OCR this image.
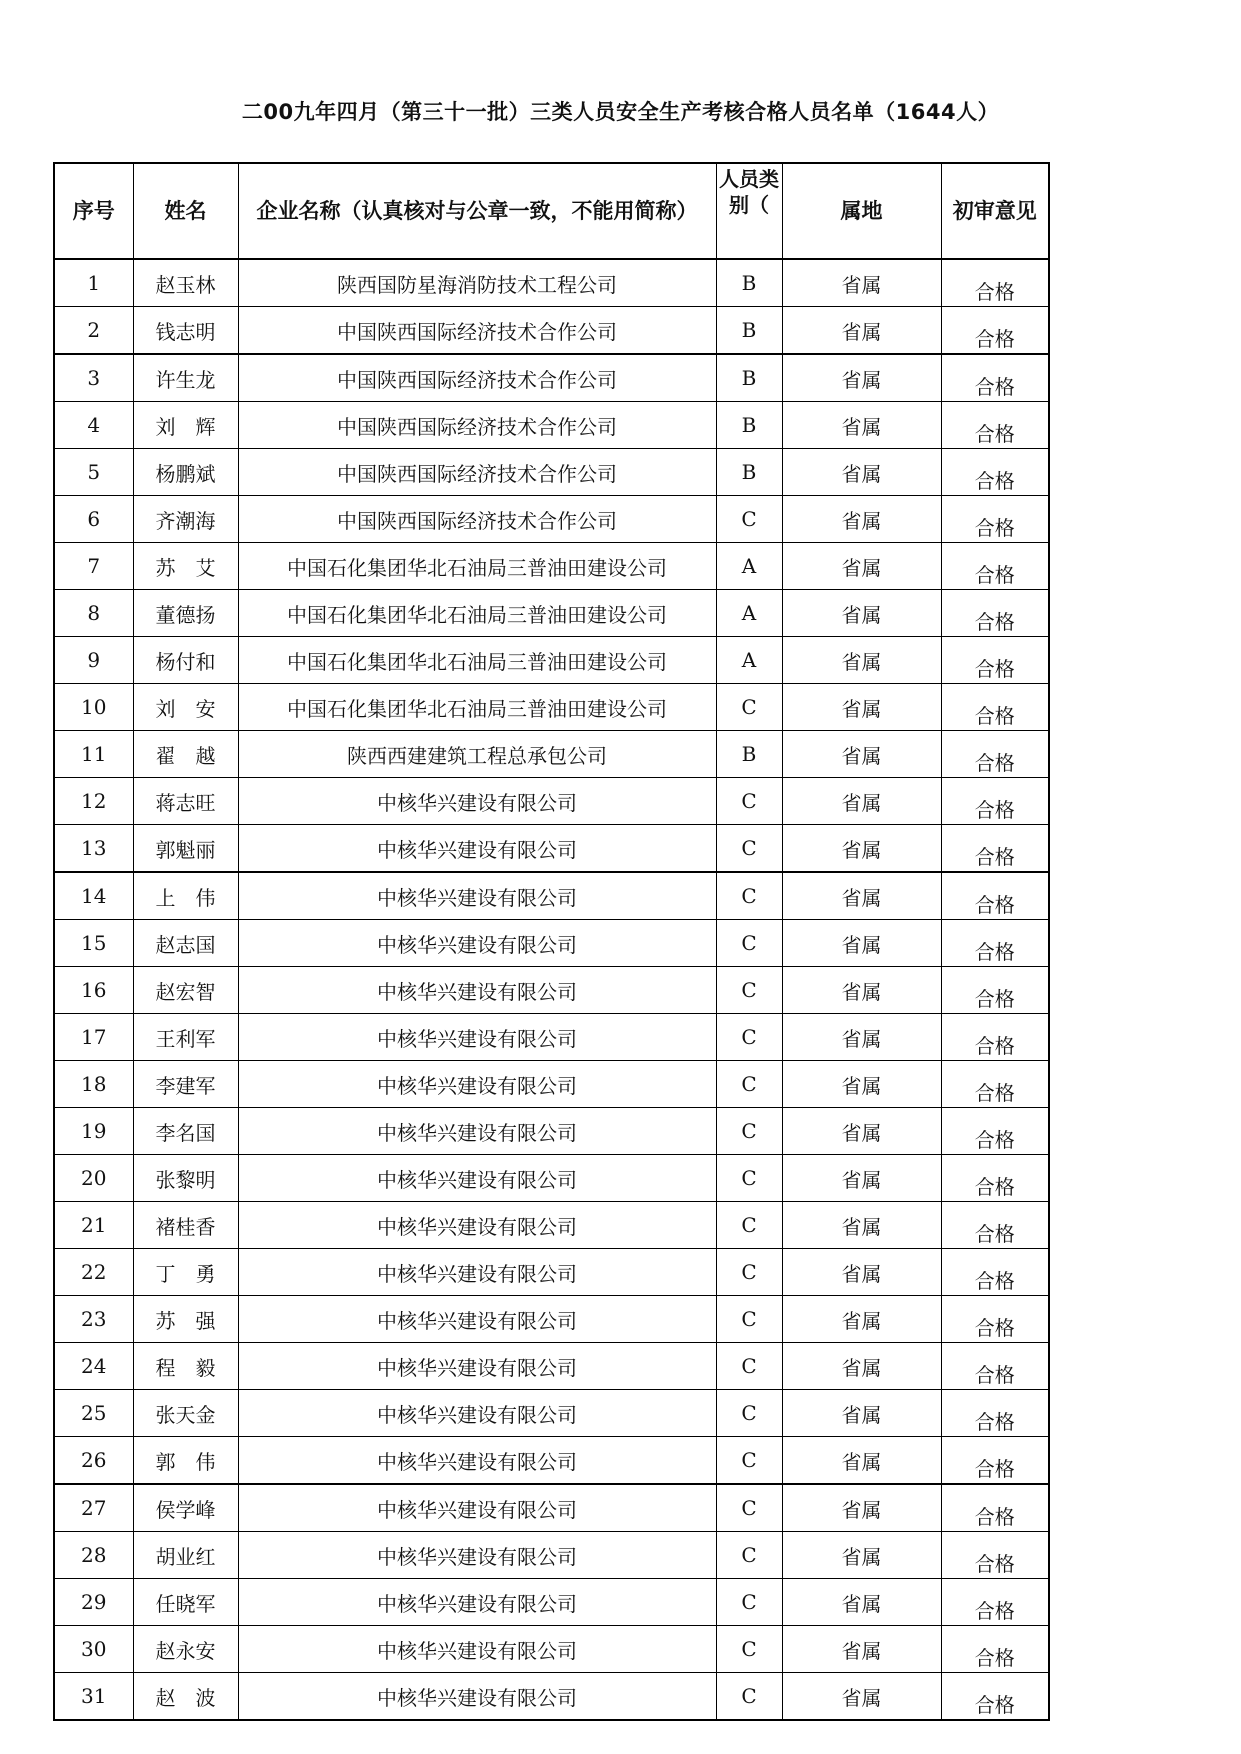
二00九年四月（第三十一批）三类人员安全生产考核合格人员名单（1644人）
序号	姓名	企业名称（认真核对与公章一致，不能用简称）	人员类别（	属地	初审意见
1	赵玉林	陕西国防星海消防技术工程公司	B	省属	合格
2	钱志明	中国陕西国际经济技术合作公司	B	省属	合格
3	许生龙	中国陕西国际经济技术合作公司	B	省属	合格
4	刘　辉	中国陕西国际经济技术合作公司	B	省属	合格
5	杨鹏斌	中国陕西国际经济技术合作公司	B	省属	合格
6	齐潮海	中国陕西国际经济技术合作公司	C	省属	合格
7	苏　艾	中国石化集团华北石油局三普油田建设公司	A	省属	合格
8	董德扬	中国石化集团华北石油局三普油田建设公司	A	省属	合格
9	杨付和	中国石化集团华北石油局三普油田建设公司	A	省属	合格
10	刘　安	中国石化集团华北石油局三普油田建设公司	C	省属	合格
11	翟　越	陕西西建建筑工程总承包公司	B	省属	合格
12	蒋志旺	中核华兴建设有限公司	C	省属	合格
13	郭魁丽	中核华兴建设有限公司	C	省属	合格
14	上　伟	中核华兴建设有限公司	C	省属	合格
15	赵志国	中核华兴建设有限公司	C	省属	合格
16	赵宏智	中核华兴建设有限公司	C	省属	合格
17	王利军	中核华兴建设有限公司	C	省属	合格
18	李建军	中核华兴建设有限公司	C	省属	合格
19	李名国	中核华兴建设有限公司	C	省属	合格
20	张黎明	中核华兴建设有限公司	C	省属	合格
21	褚桂香	中核华兴建设有限公司	C	省属	合格
22	丁　勇	中核华兴建设有限公司	C	省属	合格
23	苏　强	中核华兴建设有限公司	C	省属	合格
24	程　毅	中核华兴建设有限公司	C	省属	合格
25	张天金	中核华兴建设有限公司	C	省属	合格
26	郭　伟	中核华兴建设有限公司	C	省属	合格
27	侯学峰	中核华兴建设有限公司	C	省属	合格
28	胡业红	中核华兴建设有限公司	C	省属	合格
29	任晓军	中核华兴建设有限公司	C	省属	合格
30	赵永安	中核华兴建设有限公司	C	省属	合格
31	赵　波	中核华兴建设有限公司	C	省属	合格
